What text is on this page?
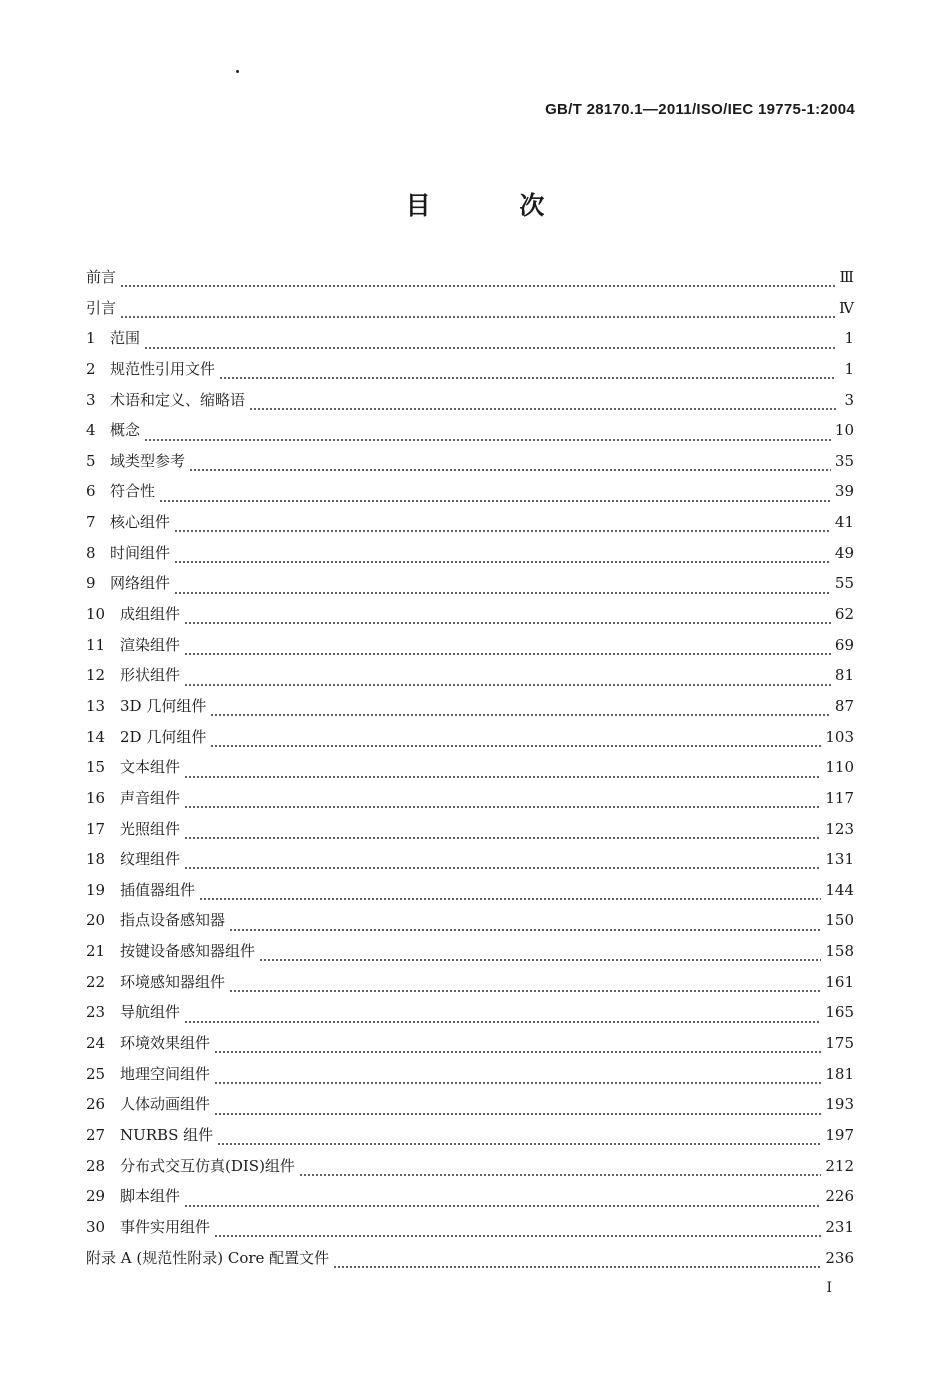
GB/T 28170.1—2011/ISO/IEC 19775-1:2004
目 次
前言	Ⅲ
引言	Ⅳ
1 范围	1
2 规范性引用文件	1
3 术语和定义、缩略语	3
4 概念	10
5 域类型参考	35
6 符合性	39
7 核心组件	41
8 时间组件	49
9 网络组件	55
10 成组组件	62
11 渲染组件	69
12 形状组件	81
13 3D 几何组件	87
14 2D 几何组件	103
15 文本组件	110
16 声音组件	117
17 光照组件	123
18 纹理组件	131
19 插值器组件	144
20 指点设备感知器	150
21 按键设备感知器组件	158
22 环境感知器组件	161
23 导航组件	165
24 环境效果组件	175
25 地理空间组件	181
26 人体动画组件	193
27 NURBS 组件	197
28 分布式交互仿真(DIS)组件	212
29 脚本组件	226
30 事件实用组件	231
附录 A (规范性附录) Core 配置文件	236
I
